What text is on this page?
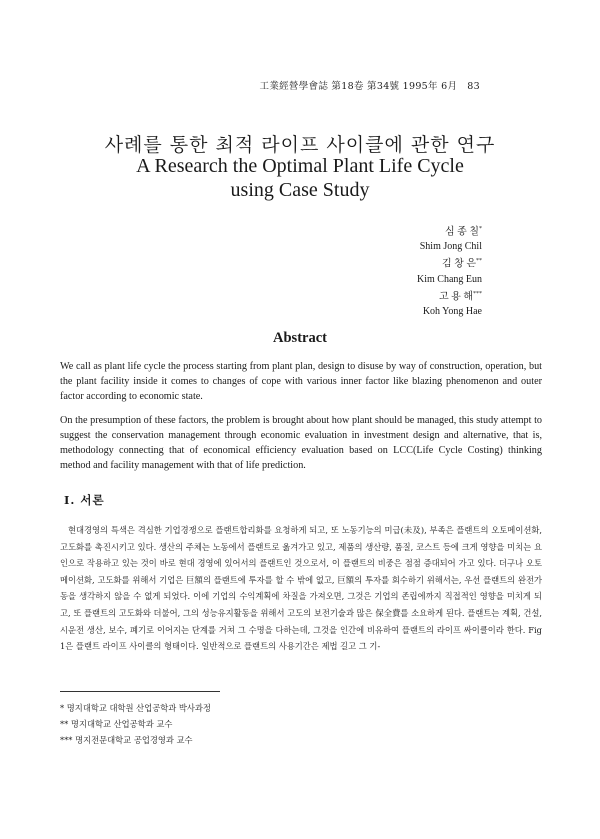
工業經營學會誌 第18卷 第34號 1995年 6月 83
사례를 통한 최적 라이프 사이클에 관한 연구
A Research the Optimal Plant Life Cycle
using Case Study
심 종 칠*
Shim Jong Chil
김 창 은**
Kim Chang Eun
고 용 해***
Koh Yong Hae
Abstract

We call as plant life cycle the process starting from plant plan, design to disuse by way of construction, operation, but the plant facility inside it comes to changes of cope with various inner factor like blazing phenomenon and outer factor according to economic state.

On the presumption of these factors, the problem is brought about how plant should be managed, this study attempt to suggest the conservation management through economic evaluation in investment design and alternative, that is, methodology connecting that of economical efficiency evaluation based on LCC(Life Cycle Costing) thinking method and facility management with that of life prediction.

I. 서론

현대경영의 특색은 격심한 기업경쟁으로 플랜트합리화를 요청하게 되고, 또 노동기능의 미급(未及), 부족은 플랜트의 오토메이션화, 고도화를 촉진시키고 있다. 생산의 주체는 노동에서 플랜트로 옮겨가고 있고, 제품의 생산량, 품질, 코스트 등에 크게 영향을 미치는 요인으로 작용하고 있는 것이 바로 현대 경영에 있어서의 플랜트인 것으로서, 이 플랜트의 비중은 점점 증대되어 가고 있다. 더구나 오토메이션화, 고도화를 위해서 기업은 巨額의 플랜트에 투자를 할 수 밖에 없고, 巨額의 투자를 회수하기 위해서는, 우선 플랜트의 완전가동을 생각하지 않을 수 없게 되었다. 이에 기업의 수익계획에 차질을 가져오면, 그것은 기업의 존립에까지 직접적인 영향을 미치게 되고, 또 플랜트의 고도화와 더불어, 그의 성능유지활동을 위해서 고도의 보전기술과 많은 保全費를 소요하게 된다. 플랜트는 계획, 건설, 시운전 생산, 보수, 폐기로 이어지는 단계를 거쳐 그 수명을 다하는데, 그것을 인간에 비유하여 플랜트의 라이프 싸이클이라 한다. Fig 1은 플랜트 라이프 사이클의 형태이다. 일반적으로 플랜트의 사용기간은 제법 길고 그 기-

* 명지대학교 대학원 산업공학과 박사과정
** 명지대학교 산업공학과 교수
*** 명지전문대학교 공업경영과 교수
